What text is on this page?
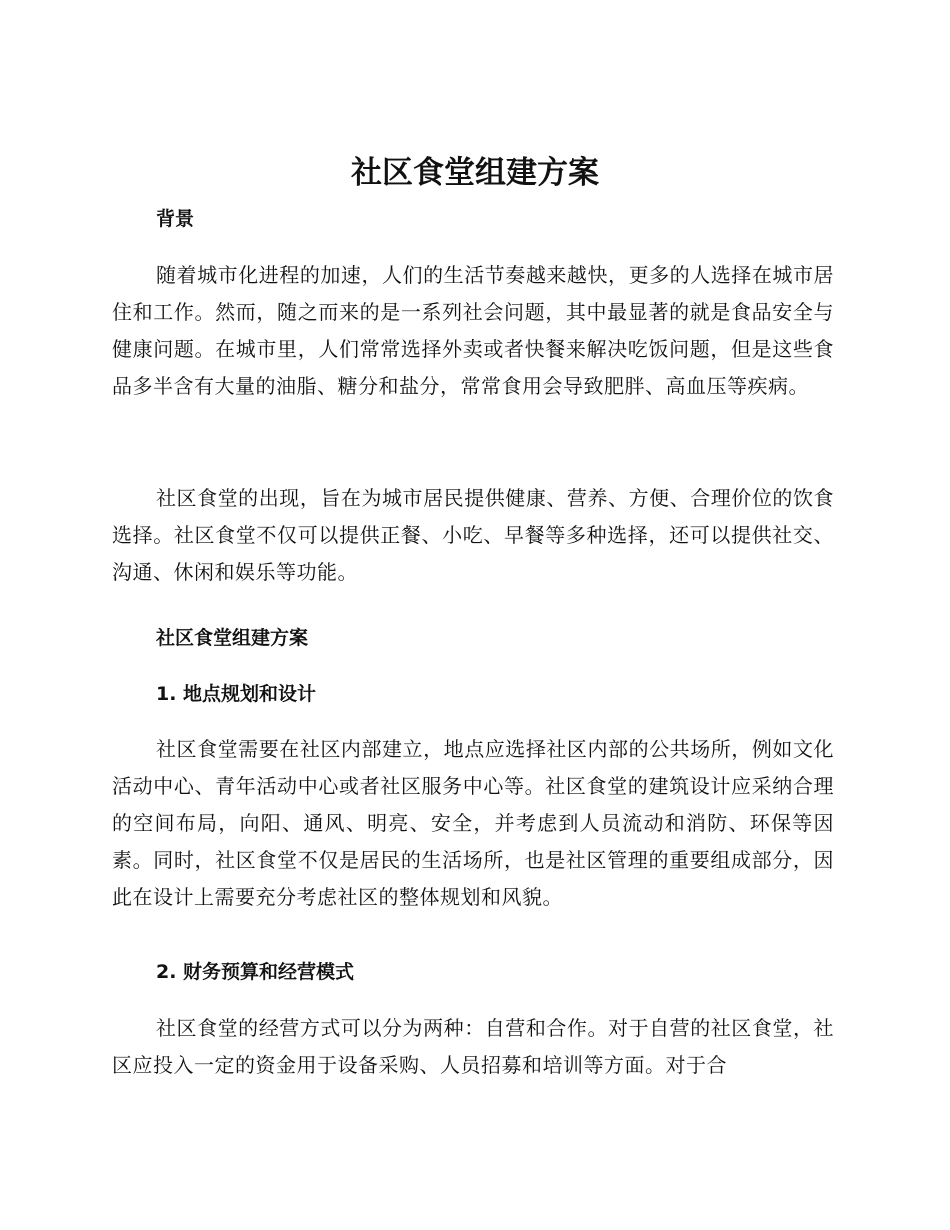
社区食堂组建方案
背景

随着城市化进程的加速，人们的生活节奏越来越快，更多的人选择在城市居住和工作。然而，随之而来的是一系列社会问题，其中最显著的就是食品安全与健康问题。在城市里，人们常常选择外卖或者快餐来解决吃饭问题，但是这些食品多半含有大量的油脂、糖分和盐分，常常食用会导致肥胖、高血压等疾病。

社区食堂的出现，旨在为城市居民提供健康、营养、方便、合理价位的饮食选择。社区食堂不仅可以提供正餐、小吃、早餐等多种选择，还可以提供社交、沟通、休闲和娱乐等功能。

社区食堂组建方案
1. 地点规划和设计

社区食堂需要在社区内部建立，地点应选择社区内部的公共场所，例如文化活动中心、青年活动中心或者社区服务中心等。社区食堂的建筑设计应采纳合理的空间布局，向阳、通风、明亮、安全，并考虑到人员流动和消防、环保等因素。同时，社区食堂不仅是居民的生活场所，也是社区管理的重要组成部分，因此在设计上需要充分考虑社区的整体规划和风貌。

2. 财务预算和经营模式

社区食堂的经营方式可以分为两种：自营和合作。对于自营的社区食堂，社区应投入一定的资金用于设备采购、人员招募和培训等方面。对于合
